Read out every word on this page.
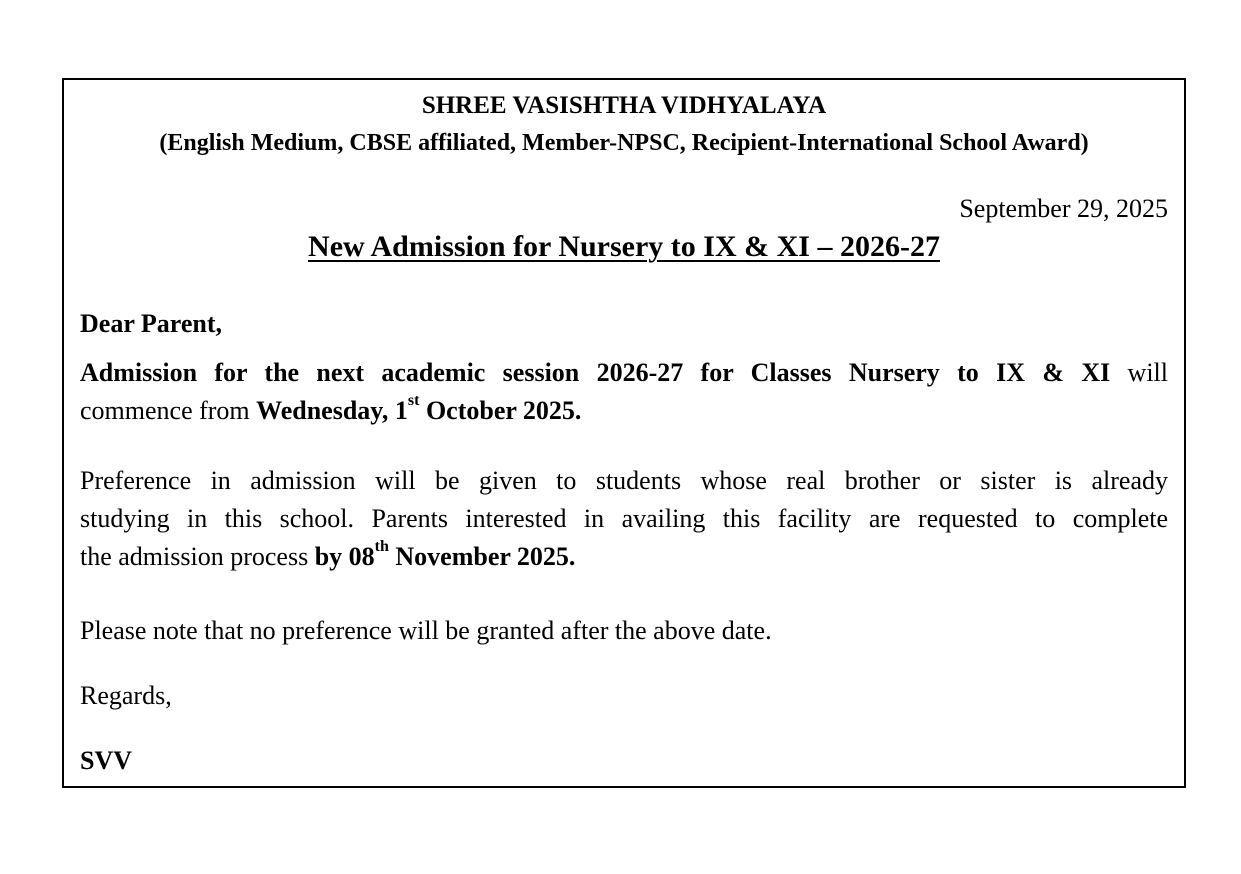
SHREE VASISHTHA VIDHYALAYA
(English Medium, CBSE affiliated, Member-NPSC, Recipient-International School Award)
September 29, 2025
New Admission for Nursery to IX & XI – 2026-27
Dear Parent,
Admission for the next academic session 2026-27 for Classes Nursery to IX & XI will
commence from Wednesday, 1st October 2025.
Preference in admission will be given to students whose real brother or sister is already
studying in this school. Parents interested in availing this facility are requested to complete
the admission process by 08th November 2025.
Please note that no preference will be granted after the above date.
Regards,
SVV
